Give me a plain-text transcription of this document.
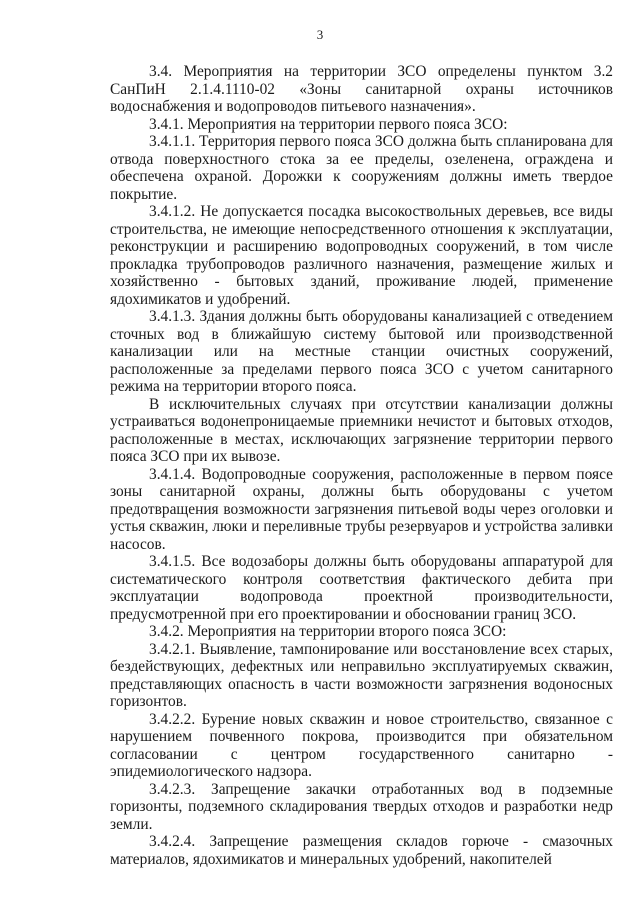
3

3.4. Мероприятия на территории ЗСО определены пунктом 3.2 СанПиН 2.1.4.1110-02 «Зоны санитарной охраны источников водоснабжения и водопроводов питьевого назначения».

3.4.1. Мероприятия на территории первого пояса ЗСО:

3.4.1.1. Территория первого пояса ЗСО должна быть спланирована для отвода поверхностного стока за ее пределы, озеленена, ограждена и обеспечена охраной. Дорожки к сооружениям должны иметь твердое покрытие.

3.4.1.2. Не допускается посадка высокоствольных деревьев, все виды строительства, не имеющие непосредственного отношения к эксплуатации, реконструкции и расширению водопроводных сооружений, в том числе прокладка трубопроводов различного назначения, размещение жилых и хозяйственно - бытовых зданий, проживание людей, применение ядохимикатов и удобрений.

3.4.1.3. Здания должны быть оборудованы канализацией с отведением сточных вод в ближайшую систему бытовой или производственной канализации или на местные станции очистных сооружений, расположенные за пределами первого пояса ЗСО с учетом санитарного режима на территории второго пояса.

В исключительных случаях при отсутствии канализации должны устраиваться водонепроницаемые приемники нечистот и бытовых отходов, расположенные в местах, исключающих загрязнение территории первого пояса ЗСО при их вывозе.

3.4.1.4. Водопроводные сооружения, расположенные в первом поясе зоны санитарной охраны, должны быть оборудованы с учетом предотвращения возможности загрязнения питьевой воды через оголовки и устья скважин, люки и переливные трубы резервуаров и устройства заливки насосов.

3.4.1.5. Все водозаборы должны быть оборудованы аппаратурой для систематического контроля соответствия фактического дебита при эксплуатации водопровода проектной производительности, предусмотренной при его проектировании и обосновании границ ЗСО.

3.4.2. Мероприятия на территории второго пояса ЗСО:

3.4.2.1. Выявление, тампонирование или восстановление всех старых, бездействующих, дефектных или неправильно эксплуатируемых скважин, представляющих опасность в части возможности загрязнения водоносных горизонтов.

3.4.2.2. Бурение новых скважин и новое строительство, связанное с нарушением почвенного покрова, производится при обязательном согласовании с центром государственного санитарно - эпидемиологического надзора.

3.4.2.3. Запрещение закачки отработанных вод в подземные горизонты, подземного складирования твердых отходов и разработки недр земли.

3.4.2.4. Запрещение размещения складов горюче - смазочных материалов, ядохимикатов и минеральных удобрений, накопителей
